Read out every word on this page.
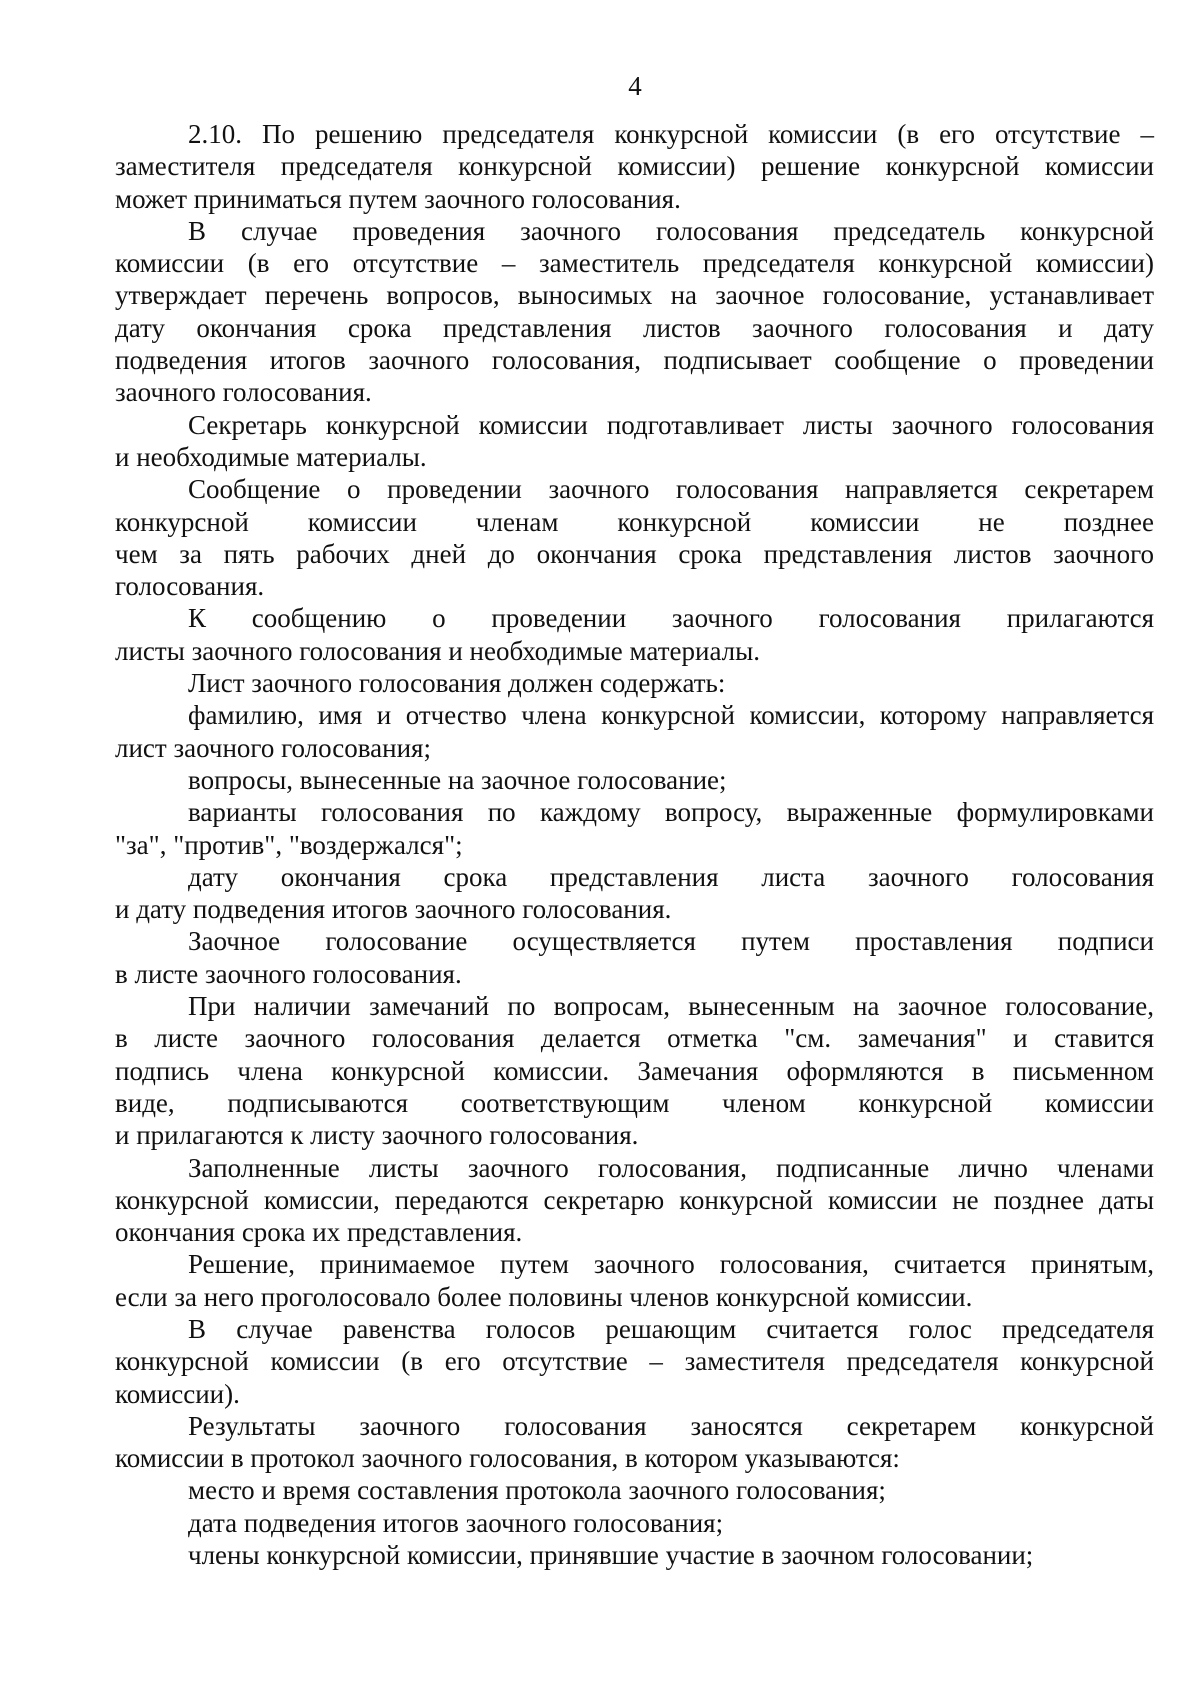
4
2.10. По решению председателя конкурсной комиссии (в его отсутствие –
заместителя председателя конкурсной комиссии) решение конкурсной комиссии
может приниматься путем заочного голосования.
В случае проведения заочного голосования председатель конкурсной
комиссии (в его отсутствие – заместитель председателя конкурсной комиссии)
утверждает перечень вопросов, выносимых на заочное голосование, устанавливает
дату окончания срока представления листов заочного голосования и дату
подведения итогов заочного голосования, подписывает сообщение о проведении
заочного голосования.
Секретарь конкурсной комиссии подготавливает листы заочного голосования
и необходимые материалы.
Сообщение о проведении заочного голосования направляется секретарем
конкурсной комиссии членам конкурсной комиссии не позднее
чем за пять рабочих дней до окончания срока представления листов заочного
голосования.
К сообщению о проведении заочного голосования прилагаются
листы заочного голосования и необходимые материалы.
Лист заочного голосования должен содержать:
фамилию, имя и отчество члена конкурсной комиссии, которому направляется
лист заочного голосования;
вопросы, вынесенные на заочное голосование;
варианты голосования по каждому вопросу, выраженные формулировками
"за", "против", "воздержался";
дату окончания срока представления листа заочного голосования
и дату подведения итогов заочного голосования.
Заочное голосование осуществляется путем проставления подписи
в листе заочного голосования.
При наличии замечаний по вопросам, вынесенным на заочное голосование,
в листе заочного голосования делается отметка "см. замечания" и ставится
подпись члена конкурсной комиссии. Замечания оформляются в письменном
виде, подписываются соответствующим членом конкурсной комиссии
и прилагаются к листу заочного голосования.
Заполненные листы заочного голосования, подписанные лично членами
конкурсной комиссии, передаются секретарю конкурсной комиссии не позднее даты
окончания срока их представления.
Решение, принимаемое путем заочного голосования, считается принятым,
если за него проголосовало более половины членов конкурсной комиссии.
В случае равенства голосов решающим считается голос председателя
конкурсной комиссии (в его отсутствие – заместителя председателя конкурсной
комиссии).
Результаты заочного голосования заносятся секретарем конкурсной
комиссии в протокол заочного голосования, в котором указываются:
место и время составления протокола заочного голосования;
дата подведения итогов заочного голосования;
члены конкурсной комиссии, принявшие участие в заочном голосовании;
